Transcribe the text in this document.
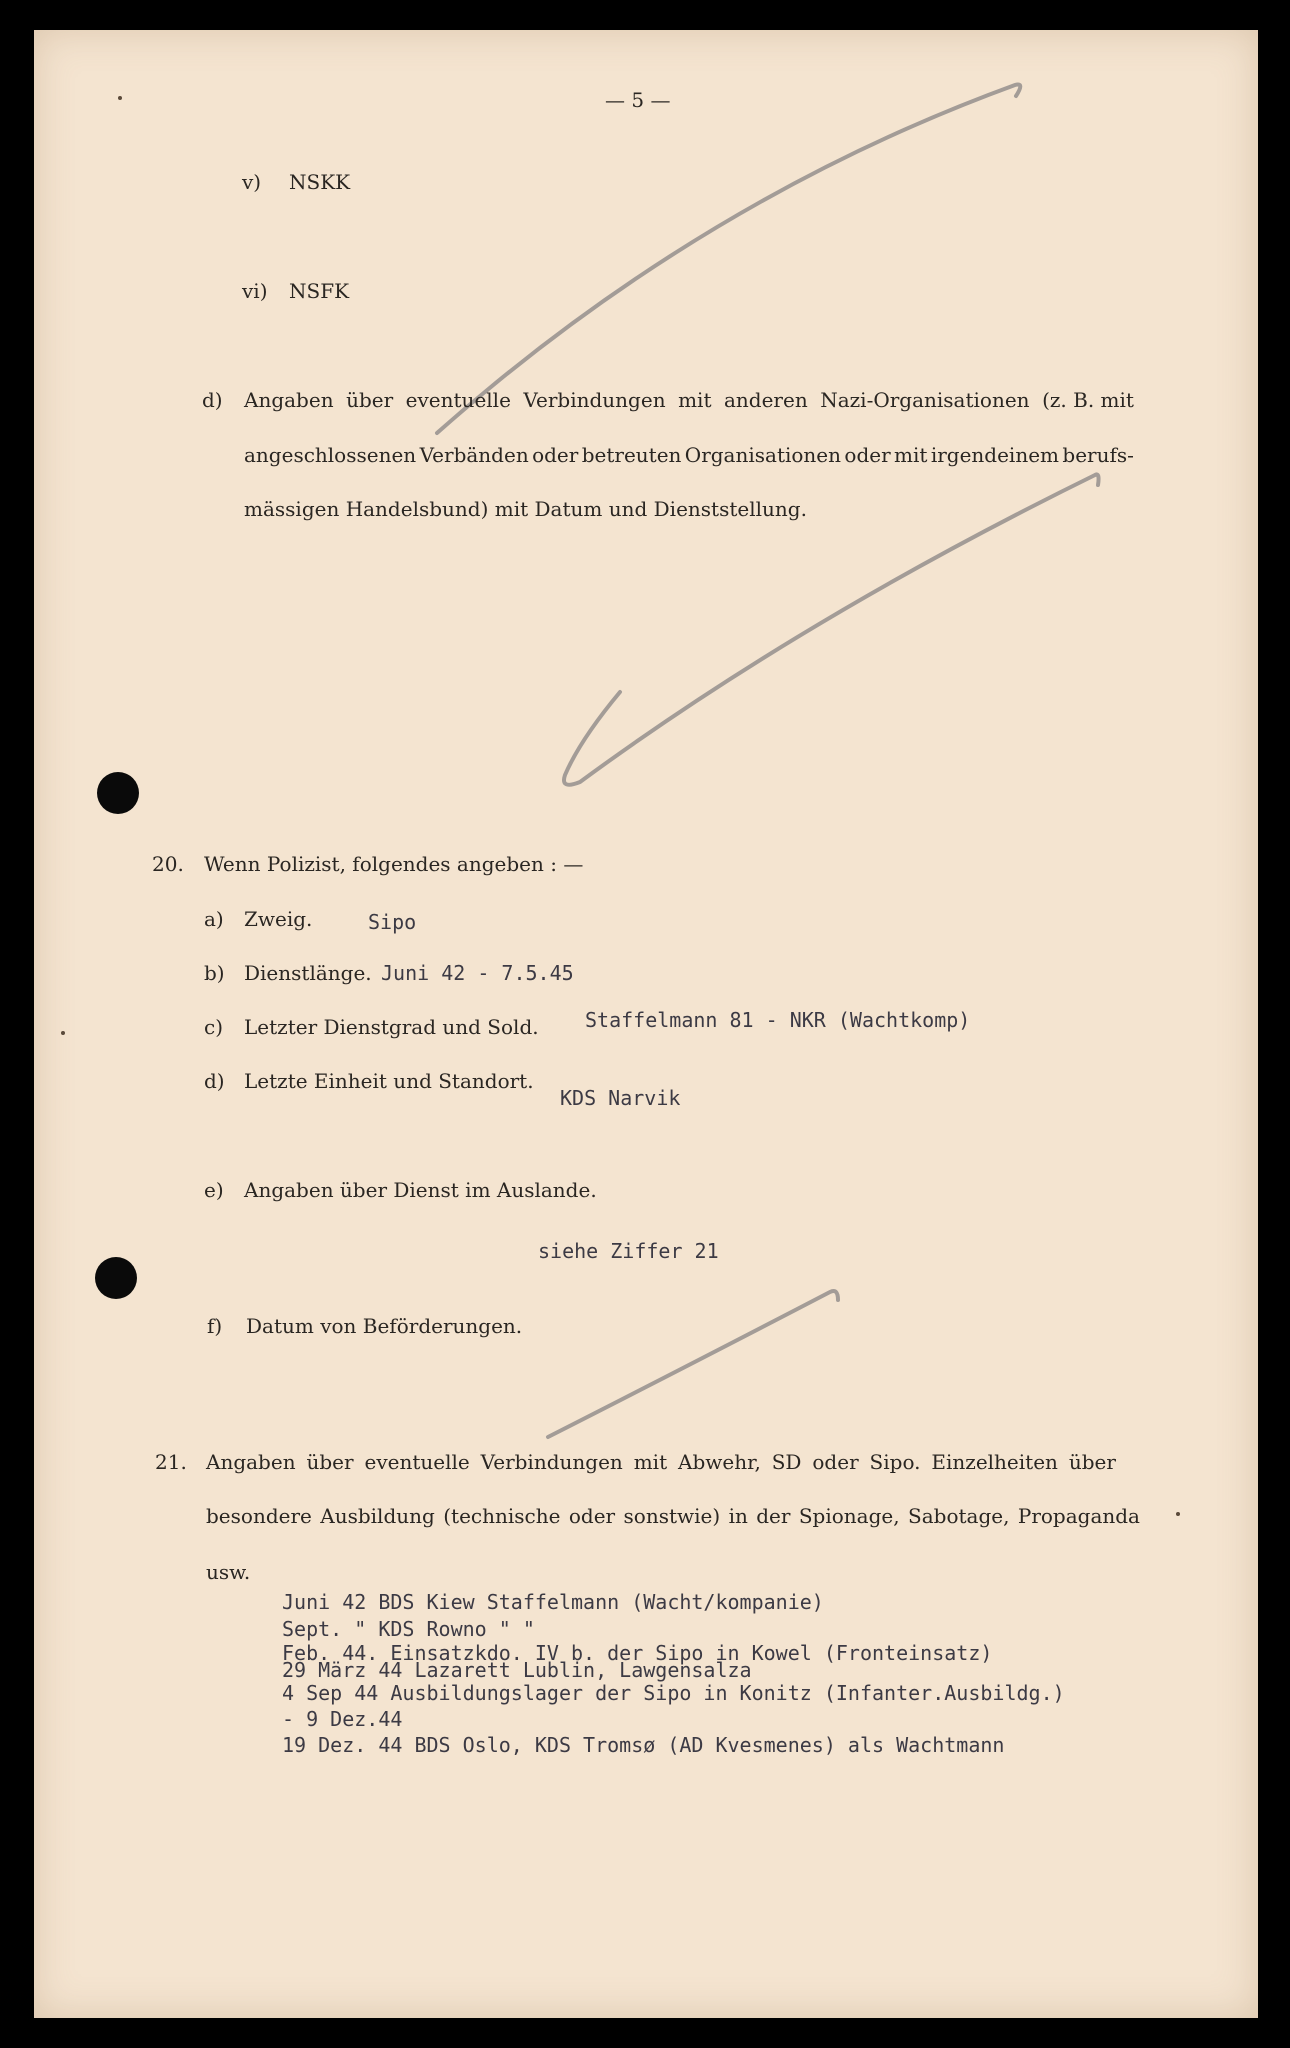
— 5 —
v) NSKK
vi) NSFK
d) Angaben über eventuelle Verbindungen mit anderen Nazi-Organisationen (z. B. mit
angeschlossenen Verbänden oder betreuten Organisationen oder mit irgendeinem berufs-
mässigen Handelsbund) mit Datum und Dienststellung.
20. Wenn Polizist, folgendes angeben : —
a) Zweig.	Sipo
b) Dienstlänge. Juni 42 - 7.5.45
c) Letzter Dienstgrad und Sold. Staffelmann 81 - NKR (Wachtkomp)
d) Letzte Einheit und Standort.
KDS Narvik
e) Angaben über Dienst im Auslande.
siehe Ziffer 21
f) Datum von Beförderungen.
21. Angaben über eventuelle Verbindungen mit Abwehr, SD oder Sipo. Einzelheiten über
besondere Ausbildung (technische oder sonstwie) in der Spionage, Sabotage, Propaganda
usw.
Juni 42 BDS Kiew Staffelmann (Wacht/kompanie)
Sept. " KDS Rowno " "
Feb. 44. Einsatzkdo. IV b. der Sipo in Kowel (Fronteinsatz)
29 März 44 Lazarett Lublin, Lawgensalza
4 Sep 44 Ausbildungslager der Sipo in Konitz (Infanter.Ausbildg.)
- 9 Dez.44
19 Dez. 44 BDS Oslo, KDS Tromsø (AD Kvesmenes) als Wachtmann
